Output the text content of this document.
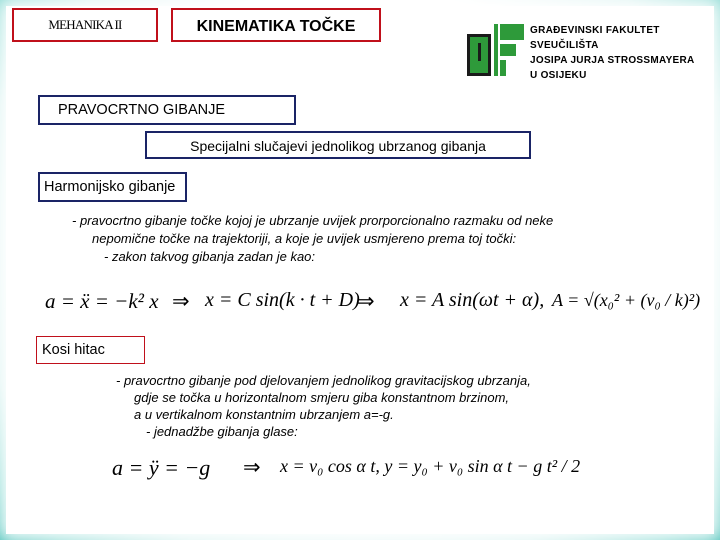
MEHANIKA II	KINEMATIKA TOČKE	GRAĐEVINSKI FAKULTET
SVEUČILIŠTA
JOSIPA JURJA STROSSMAYERA
U OSIJEKU
PRAVOCRTNO GIBANJE
Specijalni slučajevi jednolikog ubrzanog gibanja
Harmonijsko gibanje
- pravocrtno gibanje točke kojoj je ubrzanje uvijek prorporcionalno razmaku od neke
nepomične točke na trajektoriji, a koje je uvijek usmjereno prema toj točki:
- zakon takvog gibanja zadan je kao:
a = ẍ = −k² x ⇒ x = C sin(k · t + D)
⇒ x = A sin(ωt + α), A = √(x₀² + (v₀ / k)²)
Kosi hitac
- pravocrtno gibanje pod djelovanjem jednolikog gravitacijskog ubrzanja,
gdje se točka u horizontalnom smjeru giba konstantnom brzinom,
a u vertikalnom konstantnim ubrzanjem a=-g.
- jednadžbe gibanja glase:
a = ÿ = −g ⇒ x = v₀ cos α t, y = y₀ + v₀ sin α t − g t² / 2
